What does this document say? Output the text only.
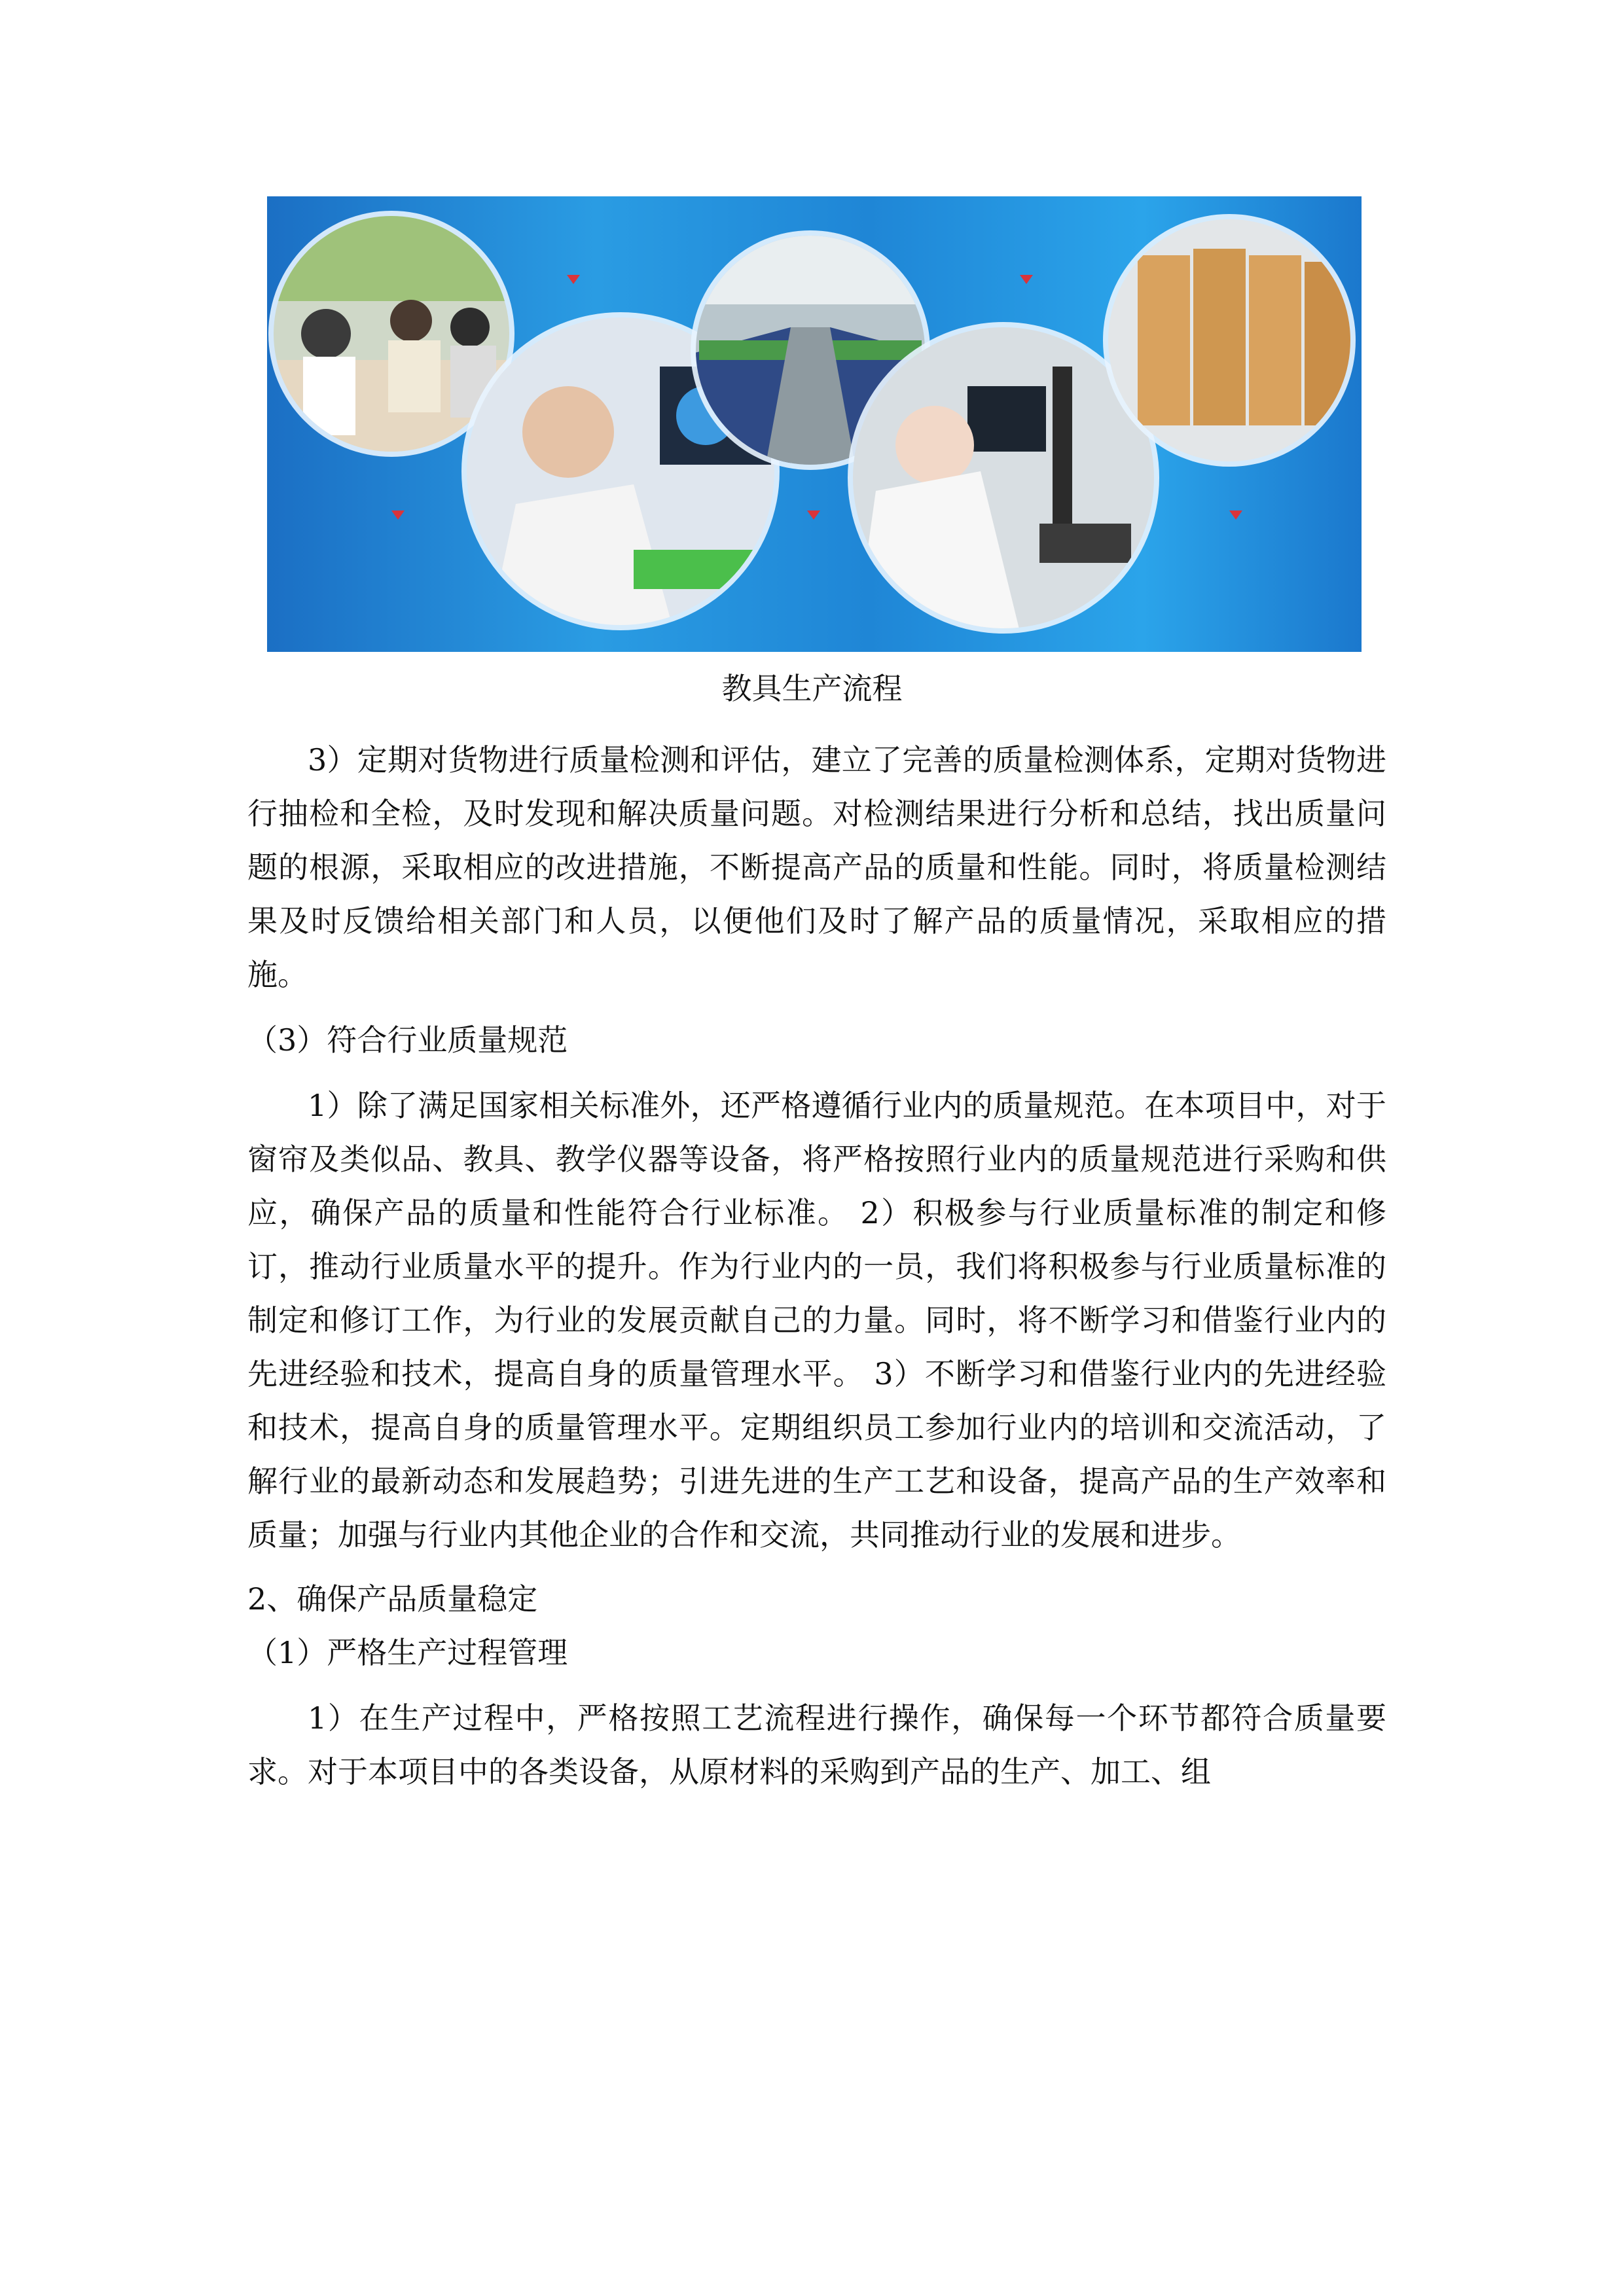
教具生产流程

3）定期对货物进行质量检测和评估，建立了完善的质量检测体系，定期对货物进行抽检和全检，及时发现和解决质量问题。对检测结果进行分析和总结，找出质量问题的根源，采取相应的改进措施，不断提高产品的质量和性能。同时，将质量检测结果及时反馈给相关部门和人员，以便他们及时了解产品的质量情况，采取相应的措施。

（3）符合行业质量规范

1）除了满足国家相关标准外，还严格遵循行业内的质量规范。在本项目中，对于窗帘及类似品、教具、教学仪器等设备，将严格按照行业内的质量规范进行采购和供应，确保产品的质量和性能符合行业标准。 2）积极参与行业质量标准的制定和修订，推动行业质量水平的提升。作为行业内的一员，我们将积极参与行业质量标准的制定和修订工作，为行业的发展贡献自己的力量。同时，将不断学习和借鉴行业内的先进经验和技术，提高自身的质量管理水平。 3）不断学习和借鉴行业内的先进经验和技术，提高自身的质量管理水平。定期组织员工参加行业内的培训和交流活动，了解行业的最新动态和发展趋势；引进先进的生产工艺和设备，提高产品的生产效率和质量；加强与行业内其他企业的合作和交流，共同推动行业的发展和进步。

2、确保产品质量稳定
（1）严格生产过程管理

1）在生产过程中，严格按照工艺流程进行操作，确保每一个环节都符合质量要求。对于本项目中的各类设备，从原材料的采购到产品的生产、加工、组
